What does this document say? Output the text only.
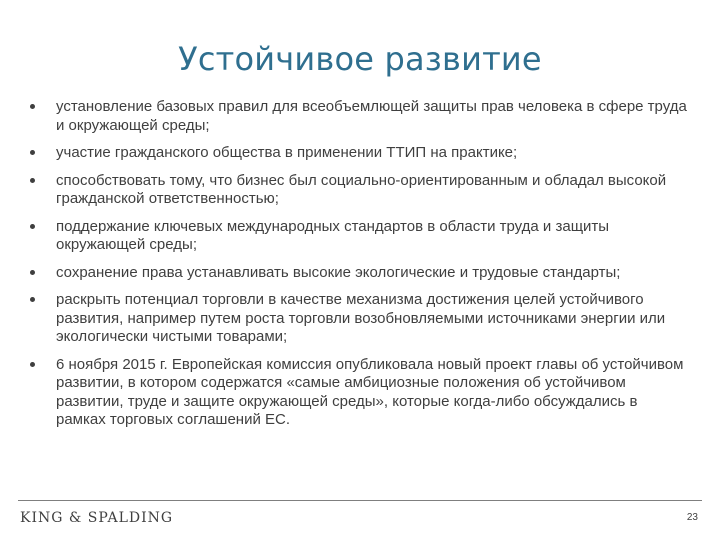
Устойчивое развитие
установление базовых правил для всеобъемлющей защиты прав человека в сфере труда и окружающей среды;
участие гражданского общества в применении ТТИП на практике;
способствовать тому, что бизнес был социально-ориентированным и обладал высокой гражданской ответственностью;
поддержание ключевых международных стандартов в области труда и защиты окружающей среды;
сохранение права устанавливать высокие экологические и трудовые стандарты;
раскрыть потенциал торговли в качестве механизма достижения целей устойчивого развития, например путем роста торговли возобновляемыми источниками энергии или экологически чистыми товарами;
6 ноября 2015 г. Европейская комиссия опубликовала новый проект главы об устойчивом развитии, в котором содержатся «самые амбициозные положения об устойчивом развитии, труде и защите окружающей среды», которые когда-либо обсуждались в рамках торговых соглашений ЕС.
KING & SPALDING	23
